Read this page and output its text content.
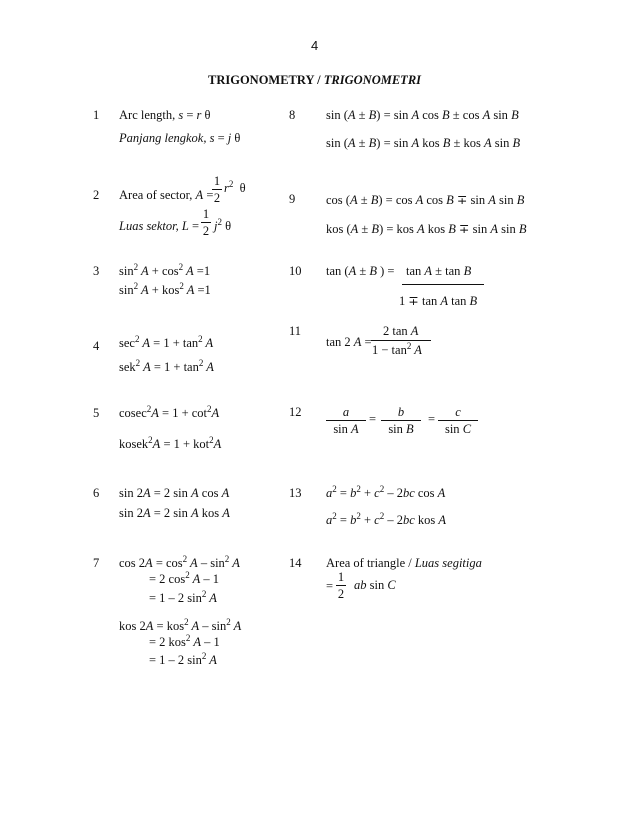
4
TRIGONOMETRY / TRIGONOMETRI
1 Arc length, s = r θ
Panjang lengkok, s = j θ
2 Area of sector, A =
1
2
$r^2$ θ
Luas sektor, L =
1
2 $j^2$ θ
3 $\sin^2 A + \cos^2 A =1$
$\sin^2 A + kos^2$ A =1
4 $\sec^2 A = 1 + \tan^2 A$
sek$^2$ $A = 1 + \tan^2 A$
5 $cosec^2A = 1 + \cot^2A$
kosek$^2$A = 1 + kot$^2$A
6 sin 2A = 2 sin A cos A
sin 2A = 2 sin A kos A
7 $\cos 2A = \cos^2 A - \sin^2 A$
= 2 $\cos^2 A - 1$
= 1 – 2 $\sin^2 A$
kos 2A = kos$^2$ A – $\sin^2 A$
= 2 kos$^2$ A – 1
= 1 – 2 $\sin^2 A$
8 sin (A ± B) = sin A cos B ± cos A sin B
sin (A ± B) = sin A kos B ± kos A sin B
9 cos (A ± B) = cos A cos B ∓ sin A sin B
kos (A ± B) = kos A kos B ∓ sin A sin B
10 tan (A ± B ) = tan A ± tan B
1 ∓ tan A tan B
11
tan 2 A =
2 tan A
$1 - \tan^2 A$
12	a
sin A
=	b
sin B
=	c
sin C
13 $a^2 = b^2 + c^2 - 2bc$ cos A
$a^2 = b^2 + c^2 - 2bc$ kos A
14 Area of triangle / Luas segitiga
=
1
2
ab sin C
